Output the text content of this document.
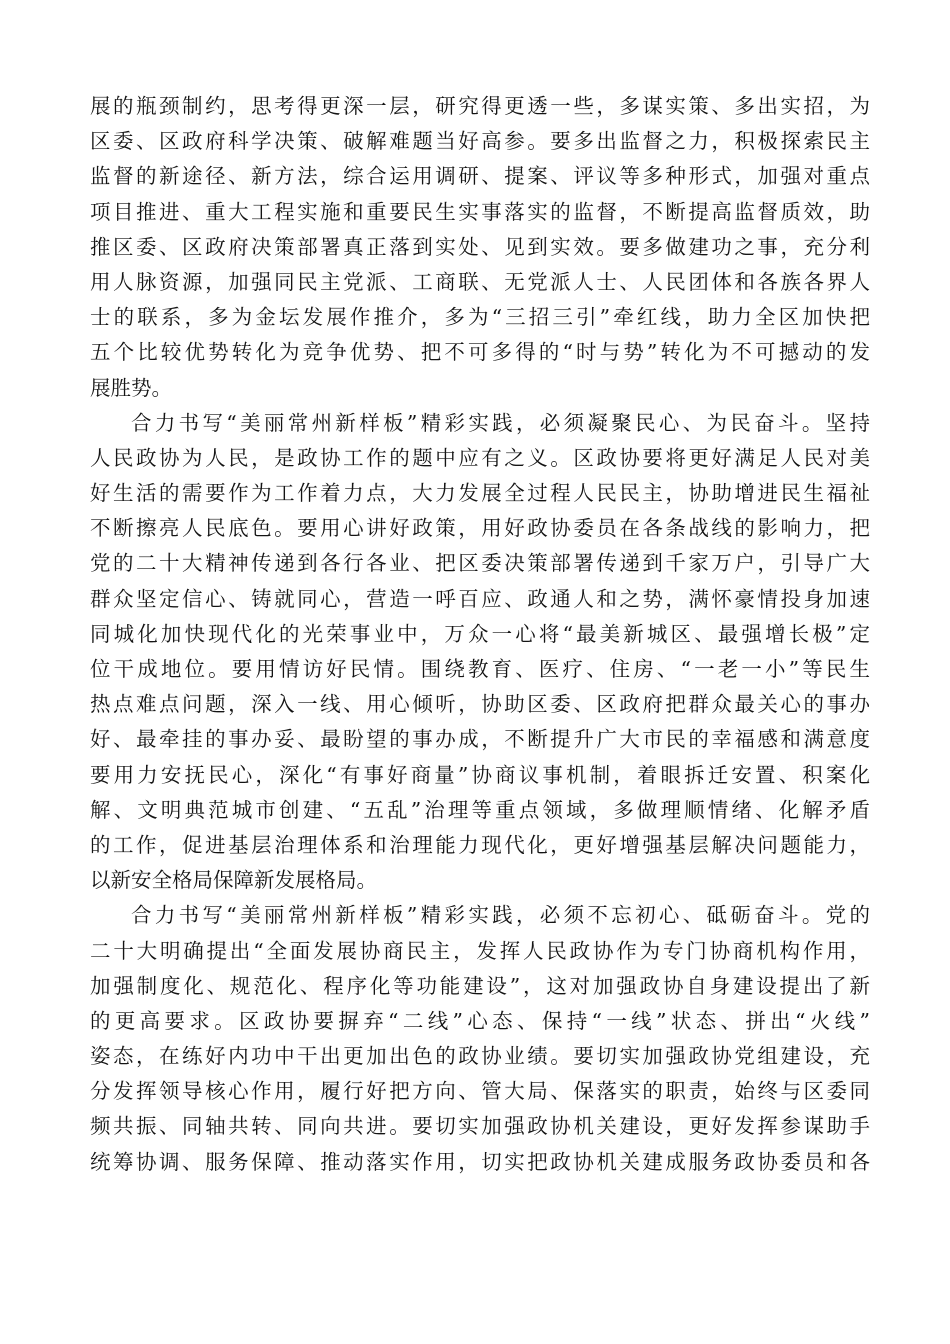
展的瓶颈制约，思考得更深一层，研究得更透一些，多谋实策、多出实招，为
区委、区政府科学决策、破解难题当好高参。要多出监督之力，积极探索民主
监督的新途径、新方法，综合运用调研、提案、评议等多种形式，加强对重点
项目推进、重大工程实施和重要民生实事落实的监督，不断提高监督质效，助
推区委、区政府决策部署真正落到实处、见到实效。要多做建功之事，充分利
用人脉资源，加强同民主党派、工商联、无党派人士、人民团体和各族各界人
士的联系，多为金坛发展作推介，多为“三招三引”牵红线，助力全区加快把
五个比较优势转化为竞争优势、把不可多得的“时与势”转化为不可撼动的发
展胜势。
合力书写“美丽常州新样板”精彩实践，必须凝聚民心、为民奋斗。坚持
人民政协为人民，是政协工作的题中应有之义。区政协要将更好满足人民对美
好生活的需要作为工作着力点，大力发展全过程人民民主，协助增进民生福祉
不断擦亮人民底色。要用心讲好政策，用好政协委员在各条战线的影响力，把
党的二十大精神传递到各行各业、把区委决策部署传递到千家万户，引导广大
群众坚定信心、铸就同心，营造一呼百应、政通人和之势，满怀豪情投身加速
同城化加快现代化的光荣事业中，万众一心将“最美新城区、最强增长极”定
位干成地位。要用情访好民情。围绕教育、医疗、住房、“一老一小”等民生
热点难点问题，深入一线、用心倾听，协助区委、区政府把群众最关心的事办
好、最牵挂的事办妥、最盼望的事办成，不断提升广大市民的幸福感和满意度
要用力安抚民心，深化“有事好商量”协商议事机制，着眼拆迁安置、积案化
解、文明典范城市创建、“五乱”治理等重点领域，多做理顺情绪、化解矛盾
的工作，促进基层治理体系和治理能力现代化，更好增强基层解决问题能力，
以新安全格局保障新发展格局。
合力书写“美丽常州新样板”精彩实践，必须不忘初心、砥砺奋斗。党的
二十大明确提出“全面发展协商民主，发挥人民政协作为专门协商机构作用，
加强制度化、规范化、程序化等功能建设”，这对加强政协自身建设提出了新
的更高要求。区政协要摒弃“二线”心态、保持“一线”状态、拼出“火线”
姿态，在练好内功中干出更加出色的政协业绩。要切实加强政协党组建设，充
分发挥领导核心作用，履行好把方向、管大局、保落实的职责，始终与区委同
频共振、同轴共转、同向共进。要切实加强政协机关建设，更好发挥参谋助手
统筹协调、服务保障、推动落实作用，切实把政协机关建成服务政协委员和各
